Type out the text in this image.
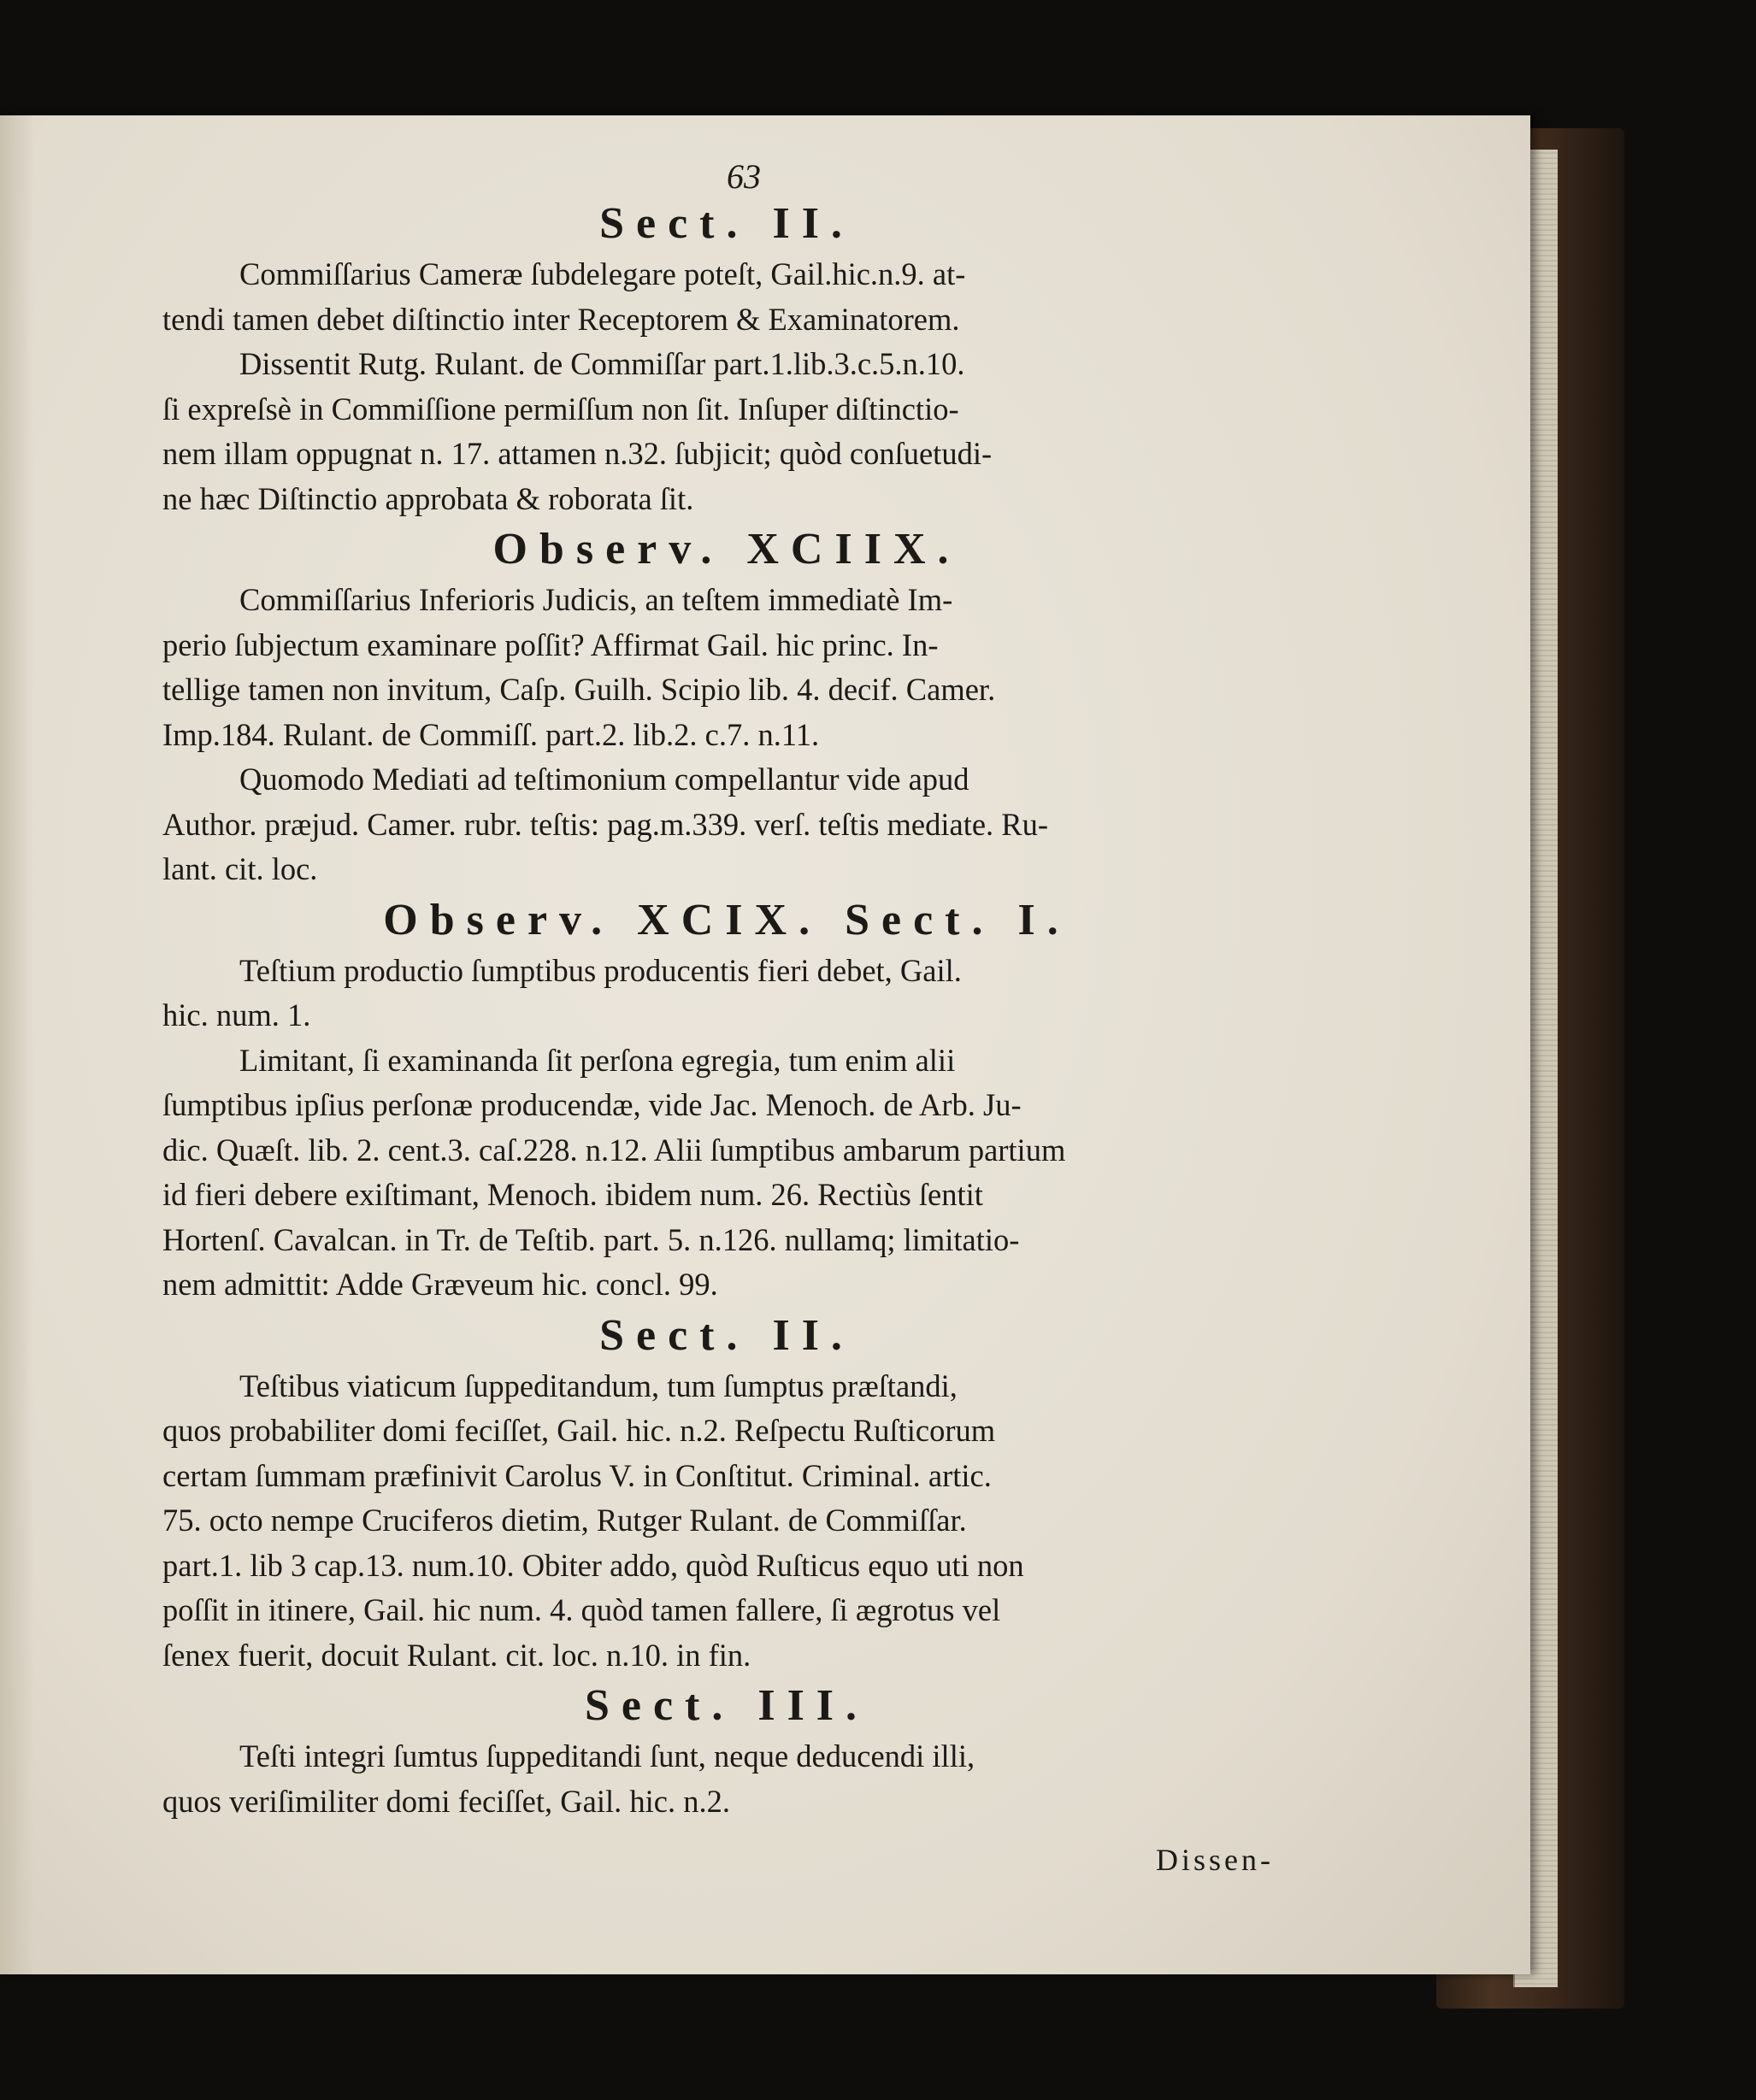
63
Sect. II.
Commiſſarius Cameræ ſubdelegare poteſt, Gail.hic.n.9. at-
tendi tamen debet diſtinctio inter Receptorem & Examinatorem.
Dissentit Rutg. Rulant. de Commiſſar part.1.lib.3.c.5.n.10.
ſi expreſsè in Commiſſione permiſſum non ſit. Inſuper diſtinctio-
nem illam oppugnat n. 17. attamen n.32. ſubjicit; quòd conſuetudi-
ne hæc Diſtinctio approbata & roborata ſit.
Observ. XCIIX.
Commiſſarius Inferioris Judicis, an teſtem immediatè Im-
perio ſubjectum examinare poſſit? Affirmat Gail. hic princ. In-
tellige tamen non invitum, Caſp. Guilh. Scipio lib. 4. decif. Camer.
Imp.184. Rulant. de Commiſſ. part.2. lib.2. c.7. n.11.
Quomodo Mediati ad teſtimonium compellantur vide apud
Author. præjud. Camer. rubr. teſtis: pag.m.339. verſ. teſtis mediate. Ru-
lant. cit. loc.
Observ. XCIX. Sect. I.
Teſtium productio ſumptibus producentis fieri debet, Gail.
hic. num. 1.
Limitant, ſi examinanda ſit perſona egregia, tum enim alii
ſumptibus ipſius perſonæ producendæ, vide Jac. Menoch. de Arb. Ju-
dic. Quæſt. lib. 2. cent.3. caſ.228. n.12. Alii ſumptibus ambarum partium
id fieri debere exiſtimant, Menoch. ibidem num. 26. Rectiùs ſentit
Hortenſ. Cavalcan. in Tr. de Teſtib. part. 5. n.126. nullamq; limitatio-
nem admittit: Adde Græveum hic. concl. 99.
Sect. II.
Teſtibus viaticum ſuppeditandum, tum ſumptus præſtandi,
quos probabiliter domi feciſſet, Gail. hic. n.2. Reſpectu Ruſticorum
certam ſummam præfinivit Carolus V. in Conſtitut. Criminal. artic.
75. octo nempe Cruciferos dietim, Rutger Rulant. de Commiſſar.
part.1. lib 3 cap.13. num.10. Obiter addo, quòd Ruſticus equo uti non
poſſit in itinere, Gail. hic num. 4. quòd tamen fallere, ſi ægrotus vel
ſenex fuerit, docuit Rulant. cit. loc. n.10. in fin.
Sect. III.
Teſti integri ſumtus ſuppeditandi ſunt, neque deducendi illi,
quos veriſimiliter domi feciſſet, Gail. hic. n.2.
Dissen-
